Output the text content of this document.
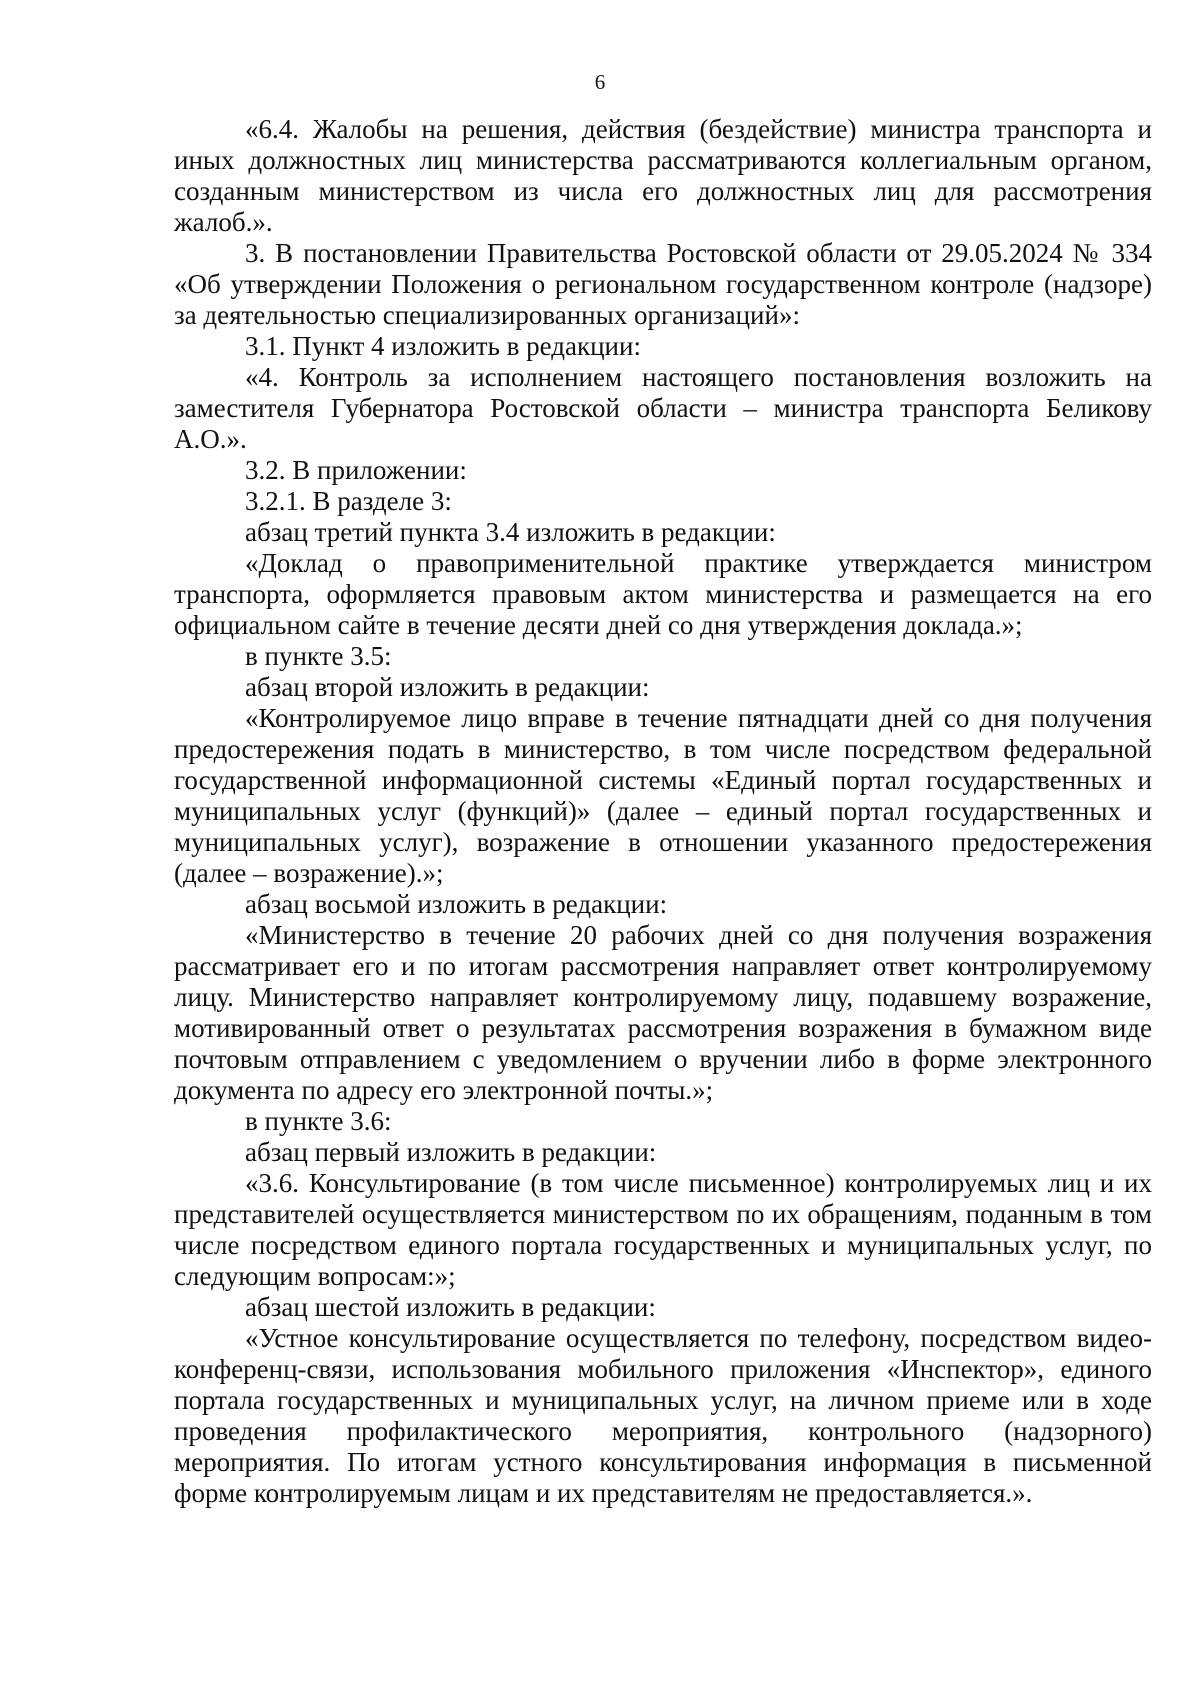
6

«6.4. Жалобы на решения, действия (бездействие) министра транспорта и иных должностных лиц министерства рассматриваются коллегиальным органом, созданным министерством из числа его должностных лиц для рассмотрения жалоб.».

3. В постановлении Правительства Ростовской области от 29.05.2024 № 334 «Об утверждении Положения о региональном государственном контроле (надзоре) за деятельностью специализированных организаций»:

3.1. Пункт 4 изложить в редакции:

«4. Контроль за исполнением настоящего постановления возложить на заместителя Губернатора Ростовской области – министра транспорта Беликову А.О.».

3.2. В приложении:

3.2.1. В разделе 3:

абзац третий пункта 3.4 изложить в редакции:

«Доклад о правоприменительной практике утверждается министром транспорта, оформляется правовым актом министерства и размещается на его официальном сайте в течение десяти дней со дня утверждения доклада.»;

в пункте 3.5:

абзац второй изложить в редакции:

«Контролируемое лицо вправе в течение пятнадцати дней со дня получения предостережения подать в министерство, в том числе посредством федеральной государственной информационной системы «Единый портал государственных и муниципальных услуг (функций)» (далее – единый портал государственных и муниципальных услуг), возражение в отношении указанного предостережения (далее – возражение).»;

абзац восьмой изложить в редакции:

«Министерство в течение 20 рабочих дней со дня получения возражения рассматривает его и по итогам рассмотрения направляет ответ контролируемому лицу. Министерство направляет контролируемому лицу, подавшему возражение, мотивированный ответ о результатах рассмотрения возражения в бумажном виде почтовым отправлением с уведомлением о вручении либо в форме электронного документа по адресу его электронной почты.»;

в пункте 3.6:

абзац первый изложить в редакции:

«3.6. Консультирование (в том числе письменное) контролируемых лиц и их представителей осуществляется министерством по их обращениям, поданным в том числе посредством единого портала государственных и муниципальных услуг, по следующим вопросам:»;

абзац шестой изложить в редакции:

«Устное консультирование осуществляется по телефону, посредством видео-конференц-связи, использования мобильного приложения «Инспектор», единого портала государственных и муниципальных услуг, на личном приеме или в ходе проведения профилактического мероприятия, контрольного (надзорного) мероприятия. По итогам устного консультирования информация в письменной форме контролируемым лицам и их представителям не предоставляется.».
